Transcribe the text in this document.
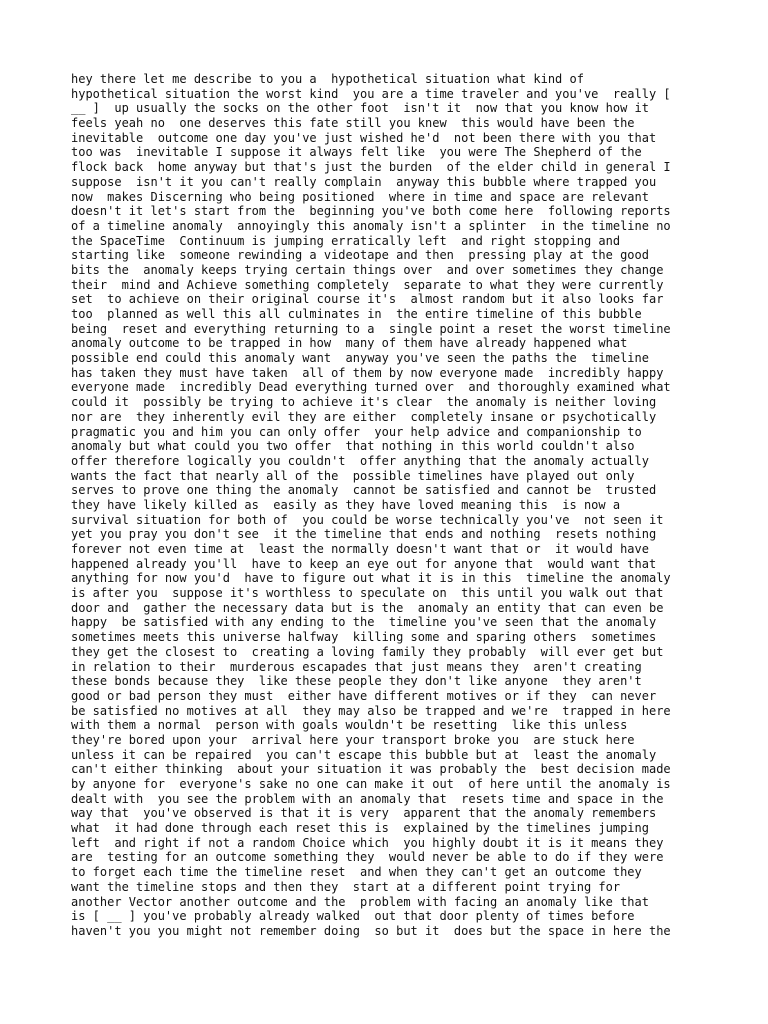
hey there let me describe to you a  hypothetical situation what kind of
hypothetical situation the worst kind  you are a time traveler and you've  really [
__ ]  up usually the socks on the other foot  isn't it  now that you know how it
feels yeah no  one deserves this fate still you knew  this would have been the
inevitable  outcome one day you've just wished he'd  not been there with you that
too was  inevitable I suppose it always felt like  you were The Shepherd of the
flock back  home anyway but that's just the burden  of the elder child in general I
suppose  isn't it you can't really complain  anyway this bubble where trapped you
now  makes Discerning who being positioned  where in time and space are relevant
doesn't it let's start from the  beginning you've both come here  following reports
of a timeline anomaly  annoyingly this anomaly isn't a splinter  in the timeline no
the SpaceTime  Continuum is jumping erratically left  and right stopping and
starting like  someone rewinding a videotape and then  pressing play at the good
bits the  anomaly keeps trying certain things over  and over sometimes they change
their  mind and Achieve something completely  separate to what they were currently
set  to achieve on their original course it's  almost random but it also looks far
too  planned as well this all culminates in  the entire timeline of this bubble
being  reset and everything returning to a  single point a reset the worst timeline
anomaly outcome to be trapped in how  many of them have already happened what
possible end could this anomaly want  anyway you've seen the paths the  timeline
has taken they must have taken  all of them by now everyone made  incredibly happy
everyone made  incredibly Dead everything turned over  and thoroughly examined what
could it  possibly be trying to achieve it's clear  the anomaly is neither loving
nor are  they inherently evil they are either  completely insane or psychotically
pragmatic you and him you can only offer  your help advice and companionship to
anomaly but what could you two offer  that nothing in this world couldn't also
offer therefore logically you couldn't  offer anything that the anomaly actually
wants the fact that nearly all of the  possible timelines have played out only
serves to prove one thing the anomaly  cannot be satisfied and cannot be  trusted
they have likely killed as  easily as they have loved meaning this  is now a
survival situation for both of  you could be worse technically you've  not seen it
yet you pray you don't see  it the timeline that ends and nothing  resets nothing
forever not even time at  least the normally doesn't want that or  it would have
happened already you'll  have to keep an eye out for anyone that  would want that
anything for now you'd  have to figure out what it is in this  timeline the anomaly
is after you  suppose it's worthless to speculate on  this until you walk out that
door and  gather the necessary data but is the  anomaly an entity that can even be
happy  be satisfied with any ending to the  timeline you've seen that the anomaly
sometimes meets this universe halfway  killing some and sparing others  sometimes
they get the closest to  creating a loving family they probably  will ever get but
in relation to their  murderous escapades that just means they  aren't creating
these bonds because they  like these people they don't like anyone  they aren't
good or bad person they must  either have different motives or if they  can never
be satisfied no motives at all  they may also be trapped and we're  trapped in here
with them a normal  person with goals wouldn't be resetting  like this unless
they're bored upon your  arrival here your transport broke you  are stuck here
unless it can be repaired  you can't escape this bubble but at  least the anomaly
can't either thinking  about your situation it was probably the  best decision made
by anyone for  everyone's sake no one can make it out  of here until the anomaly is
dealt with  you see the problem with an anomaly that  resets time and space in the
way that  you've observed is that it is very  apparent that the anomaly remembers
what  it had done through each reset this is  explained by the timelines jumping
left  and right if not a random Choice which  you highly doubt it is it means they
are  testing for an outcome something they  would never be able to do if they were
to forget each time the timeline reset  and when they can't get an outcome they
want the timeline stops and then they  start at a different point trying for
another Vector another outcome and the  problem with facing an anomaly like that
is [ __ ] you've probably already walked  out that door plenty of times before
haven't you you might not remember doing  so but it  does but the space in here the
